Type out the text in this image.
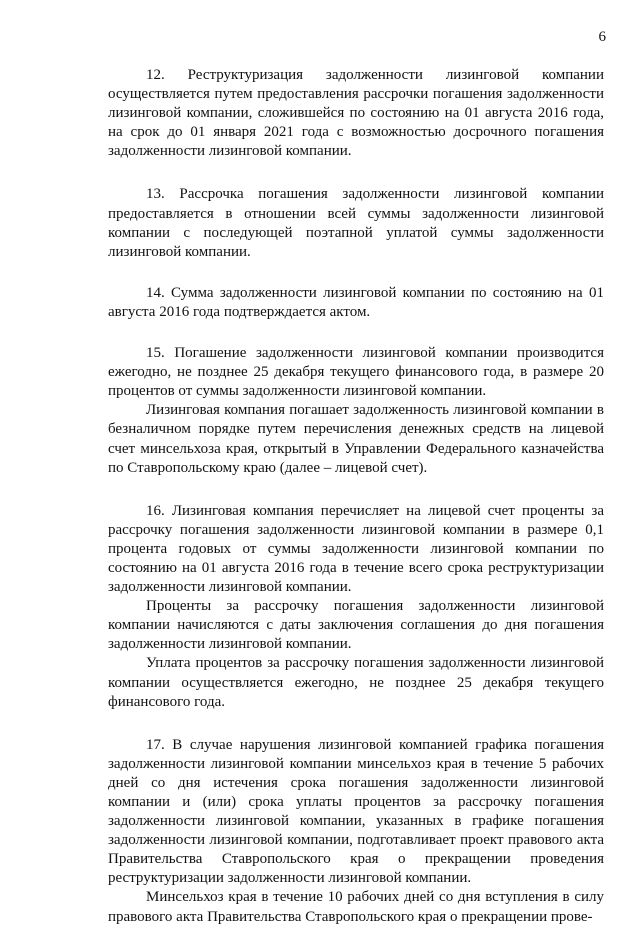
6

12. Реструктуризация задолженности лизинговой компании осуществляется путем предоставления рассрочки погашения задолженности лизинговой компании, сложившейся по состоянию на 01 августа 2016 года, на срок до 01 января 2021 года с возможностью досрочного погашения задолженности лизинговой компании.

13. Рассрочка погашения задолженности лизинговой компании предоставляется в отношении всей суммы задолженности лизинговой компании с последующей поэтапной уплатой суммы задолженности лизинговой компании.

14. Сумма задолженности лизинговой компании по состоянию на 01 августа 2016 года подтверждается актом.

15. Погашение задолженности лизинговой компании производится ежегодно, не позднее 25 декабря текущего финансового года, в размере 20 процентов от суммы задолженности лизинговой компании.

Лизинговая компания погашает задолженность лизинговой компании в безналичном порядке путем перечисления денежных средств на лицевой счет минсельхоза края, открытый в Управлении Федерального казначейства по Ставропольскому краю (далее – лицевой счет).

16. Лизинговая компания перечисляет на лицевой счет проценты за рассрочку погашения задолженности лизинговой компании в размере 0,1 процента годовых от суммы задолженности лизинговой компании по состоянию на 01 августа 2016 года в течение всего срока реструктуризации задолженности лизинговой компании.

Проценты за рассрочку погашения задолженности лизинговой компании начисляются с даты заключения соглашения до дня погашения задолженности лизинговой компании.

Уплата процентов за рассрочку погашения задолженности лизинговой компании осуществляется ежегодно, не позднее 25 декабря текущего финансового года.

17. В случае нарушения лизинговой компанией графика погашения задолженности лизинговой компании минсельхоз края в течение 5 рабочих дней со дня истечения срока погашения задолженности лизинговой компании и (или) срока уплаты процентов за рассрочку погашения задолженности лизинговой компании, указанных в графике погашения задолженности лизинговой компании, подготавливает проект правового акта Правительства Ставропольского края о прекращении проведения реструктуризации задолженности лизинговой компании.

Минсельхоз края в течение 10 рабочих дней со дня вступления в силу правового акта Правительства Ставропольского края о прекращении прове-
